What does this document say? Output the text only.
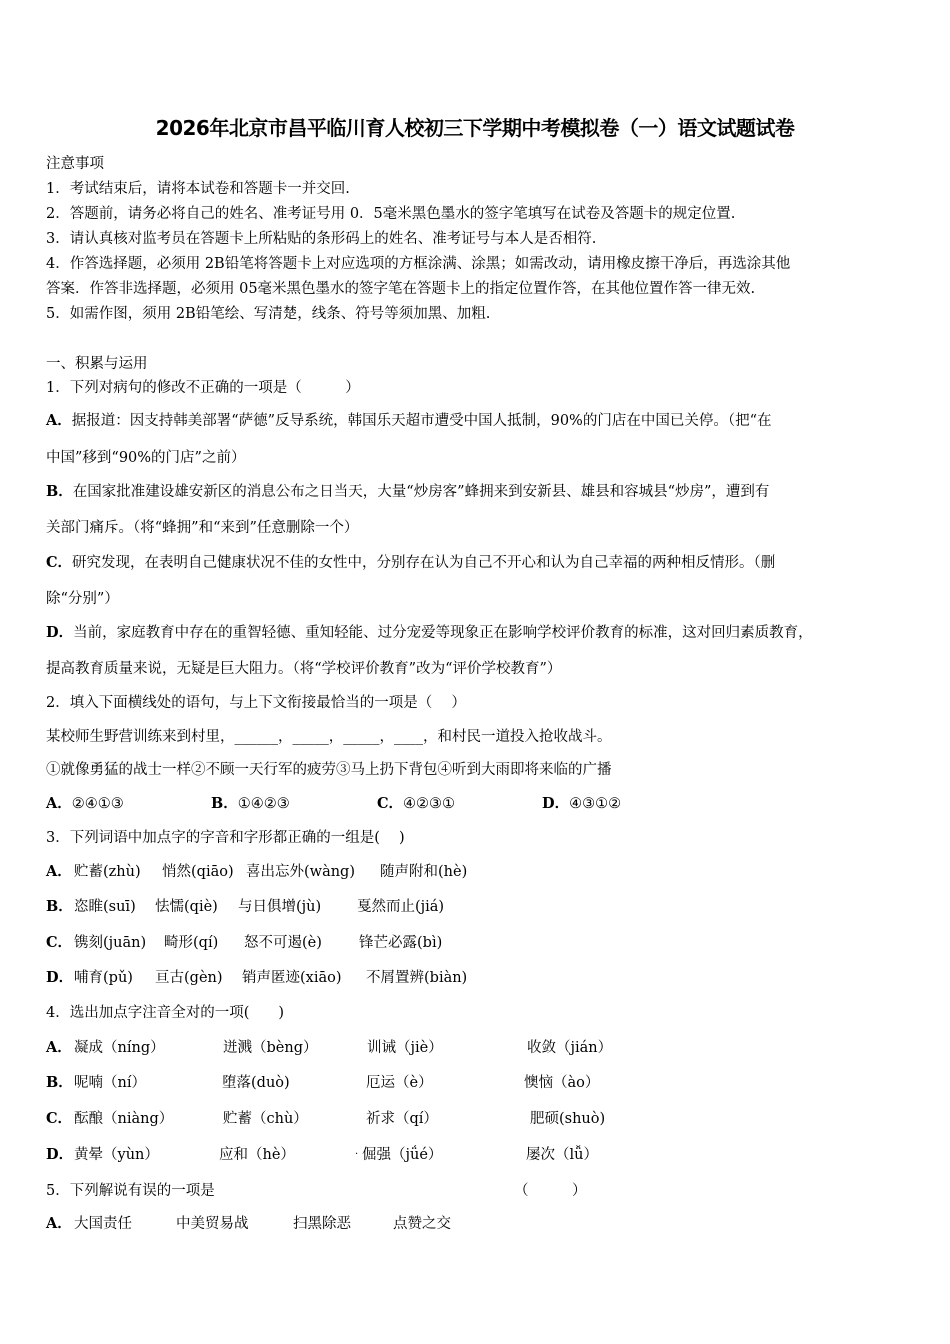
2026年北京市昌平临川育人校初三下学期中考模拟卷（一）语文试题试卷
注意事项
1．考试结束后，请将本试卷和答题卡一并交回.
2．答题前，请务必将自己的姓名、准考证号用 0．5毫米黑色墨水的签字笔填写在试卷及答题卡的规定位置.
3．请认真核对监考员在答题卡上所粘贴的条形码上的姓名、准考证号与本人是否相符.
4．作答选择题，必须用 2B铅笔将答题卡上对应选项的方框涂满、涂黑；如需改动，请用橡皮擦干净后，再选涂其他
答案．作答非选择题，必须用 05毫米黑色墨水的签字笔在答题卡上的指定位置作答，在其他位置作答一律无效.
5．如需作图，须用 2B铅笔绘、写清楚，线条、符号等须加黑、加粗.
一、积累与运用
1．下列对病句的修改不正确的一项是（　　　）
A．据报道：因支持韩美部署“萨德”反导系统，韩国乐天超市遭受中国人抵制，90%的门店在中国已关停。（把“在
中国”移到“90%的门店”之前）
B．在国家批准建设雄安新区的消息公布之日当天，大量“炒房客”蜂拥来到安新县、雄县和容城县“炒房”，遭到有
关部门痛斥。（将“蜂拥”和“来到”任意删除一个）
C．研究发现，在表明自己健康状况不佳的女性中，分别存在认为自己不开心和认为自己幸福的两种相反情形。（删
除“分别”）
D．当前，家庭教育中存在的重智轻德、重知轻能、过分宠爱等现象正在影响学校评价教育的标准，这对回归素质教育，
提高教育质量来说，无疑是巨大阻力。（将“学校评价教育”改为“评价学校教育”）
2．填入下面横线处的语句，与上下文衔接最恰当的一项是（　 ）
某校师生野营训练来到村里，______，_____，_____，____，和村民一道投入抢收战斗。
①就像勇猛的战士一样②不顾一天行军的疲劳③马上扔下背包④听到大雨即将来临的广播
A．②④①③	B．①④②③	C．④②③①	D．④③①②
3．下列词语中加点字的字音和字形都正确的一组是(　 )
A． 贮蓄(zhù) 悄然(qiāo) 喜出忘外(wàng) 随声附和(hè)
B． 恣睢(suī) 怯懦(qiè) 与日俱增(jù) 戛然而止(jiá)
C． 镌刻(juān) 畸形(qí) 怒不可遏(è)	锋芒必露(bì)
D． 哺育(pǔ) 亘古(gèn) 销声匿迹(xiāo) 不屑置辨(biàn)
4．选出加点字注音全对的一项(　　)
A． 凝成（níng）	迸溅（bèng）	训诫（jiè）	收敛（jián）
B． 呢喃（ní）	堕落(duò)	厄运（è）	懊恼（ào）
C． 酝酿（niàng）	贮蓄（chù）	祈求（qí）	肥硕(shuò)
D． 黄晕（yùn）	应和（hè）	倔强（jǘé）	屡次（lǚ）
·
5．下列解说有误的一项是	（　　　）
A． 大国责任	中美贸易战	扫黑除恶	点赞之交
